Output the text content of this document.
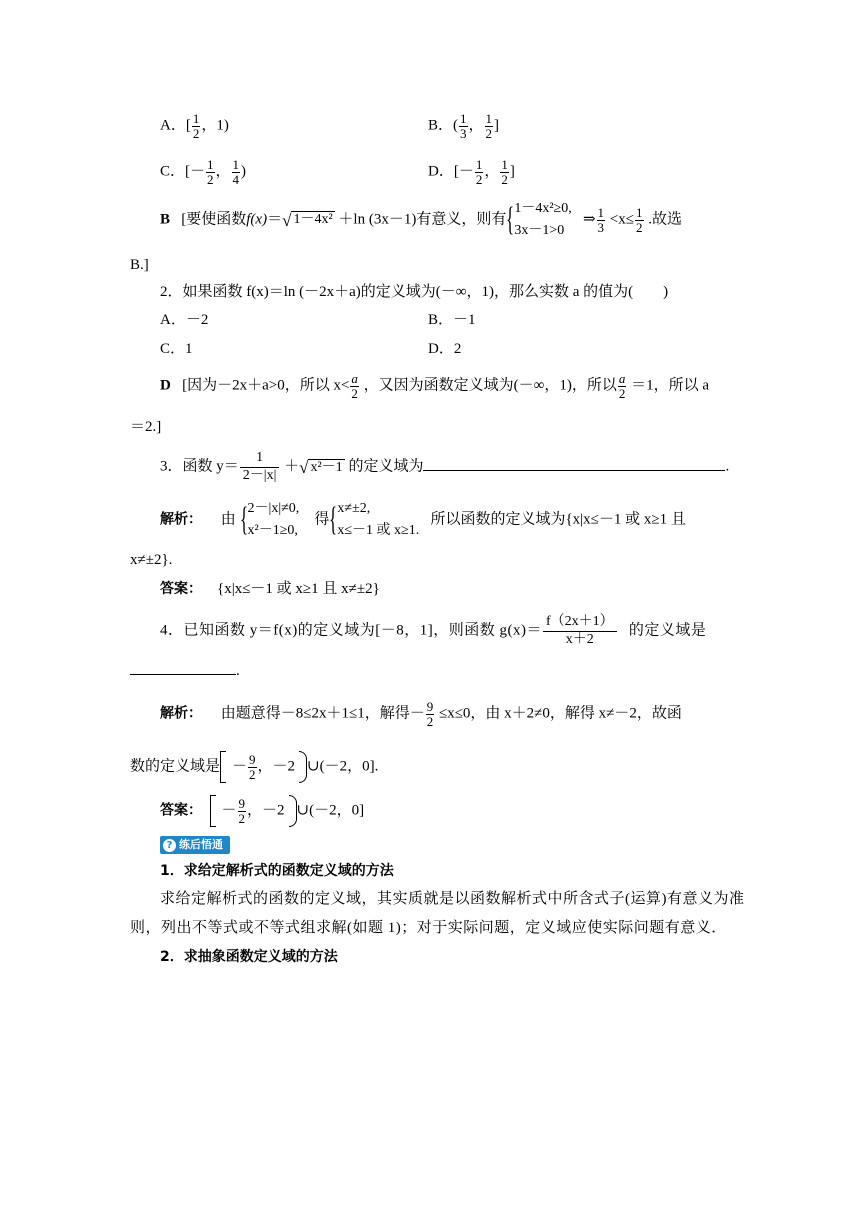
A．[ $\frac{1}{2}$ ，1)	B．( $\frac{1}{3}$ ， $\frac{1}{2}$ ]
C．[－ $\frac{1}{2}$ ， $\frac{1}{4}$ )	D．[－ $\frac{1}{2}$ ， $\frac{1}{2}$ ]
B [要使函数f(x)＝√ 1－4x² ＋ln (3x－1)有意义，则有 { 1－4x²≥0,
3x－1>0
⇒ $\frac{1}{3} <x\le \frac{1}{2}$ .故选
B.]
2．如果函数 f(x)＝ln (－2x＋a)的定义域为(－∞，1)，那么实数 a 的值为(　　)
A．－2	B．－1
C．1	D．2
D [因为－2x＋a>0，所以 $x< \frac{a}{2}$ ，又因为函数定义域为(－∞，1)，所以 $\frac{a}{2} =1$，所以 a
＝2.]
3．函数 $y= \frac{1}{2-|x|}$ ＋√ x²－1 的定义域为	.
解析： 由 { 2－|x|≠0,
x²－1≥0,
得 { x≠±2,
x≤－1 或 x≥1.
所以函数的定义域为{x|x≤－1 或 x≥1 且
x≠±2}.
答案： {x|x≤－1 或 x≥1 且 x≠±2}
4．已知函数 y＝f(x)的定义域为[－8，1]，则函数 $g(x)= \frac{f(2x+1)}{x+2}$ 的定义域是
.
解析： 由题意得－8≤2x＋1≤1，解得－ $\frac{9}{2} \le x\le 0$，由 x＋2≠0，解得 x≠－2，故函
数的定义域是 － $\frac{9}{2}$ ，－2 ∪(－2，0].
答案： － $\frac{9}{2}$ ，－2 ∪(－2，0]
? 练后悟通
1．求给定解析式的函数定义域的方法
求给定解析式的函数的定义域，其实质就是以函数解析式中所含式子(运算)有意义为准
则，列出不等式或不等式组求解(如题 1)；对于实际问题，定义域应使实际问题有意义．
2．求抽象函数定义域的方法
